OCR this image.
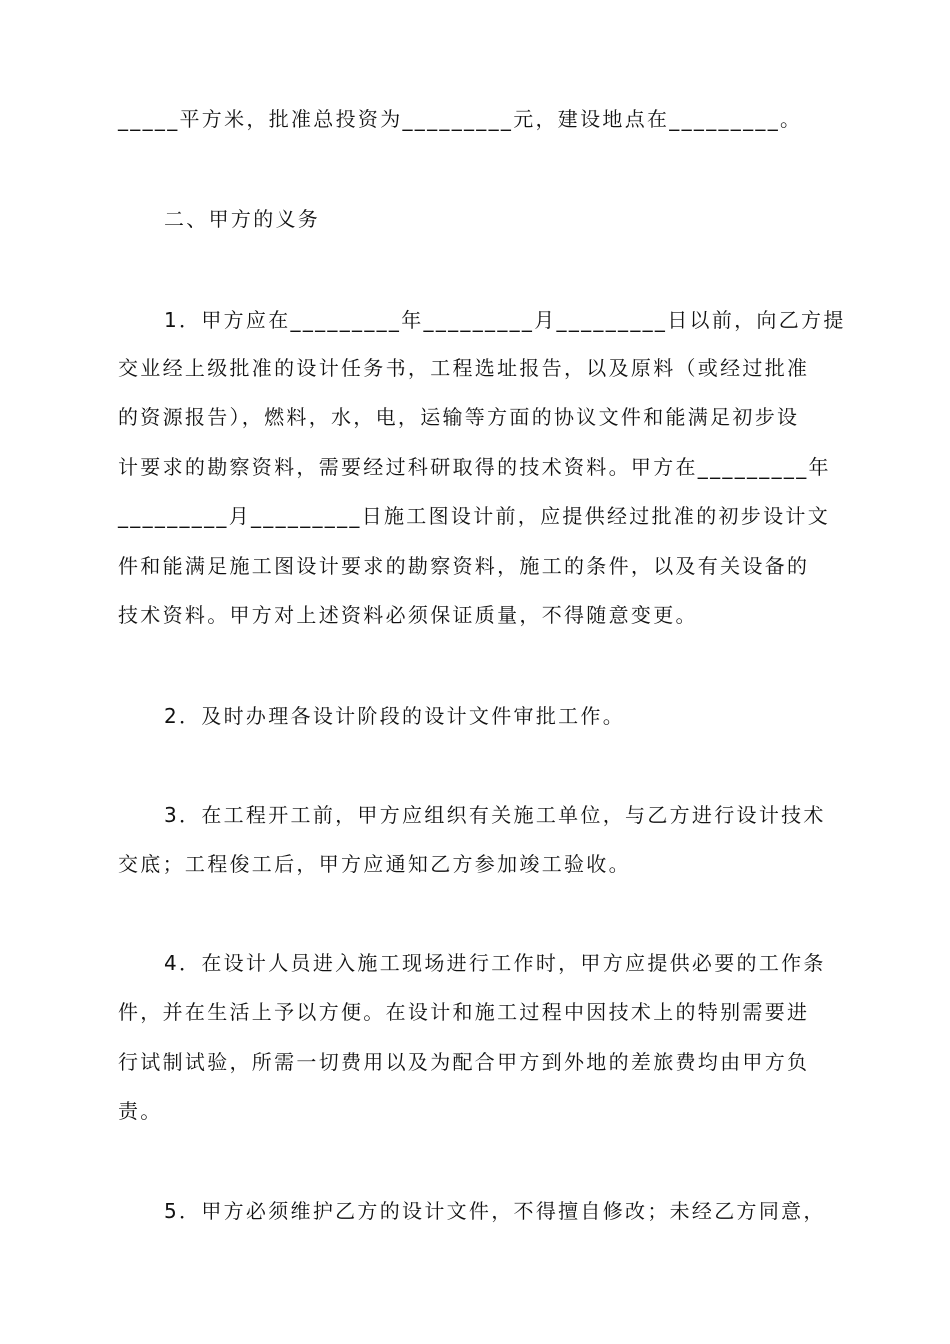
_____平方米，批准总投资为_________元，建设地点在_________。
二、甲方的义务
1．甲方应在_________年_________月_________日以前，向乙方提
交业经上级批准的设计任务书，工程选址报告，以及原料（或经过批准
的资源报告），燃料，水，电，运输等方面的协议文件和能满足初步设
计要求的勘察资料，需要经过科研取得的技术资料。甲方在_________年
_________月_________日施工图设计前，应提供经过批准的初步设计文
件和能满足施工图设计要求的勘察资料，施工的条件，以及有关设备的
技术资料。甲方对上述资料必须保证质量，不得随意变更。
2．及时办理各设计阶段的设计文件审批工作。
3．在工程开工前，甲方应组织有关施工单位，与乙方进行设计技术
交底；工程俊工后，甲方应通知乙方参加竣工验收。
4．在设计人员进入施工现场进行工作时，甲方应提供必要的工作条
件，并在生活上予以方便。在设计和施工过程中因技术上的特别需要进
行试制试验，所需一切费用以及为配合甲方到外地的差旅费均由甲方负
责。
5．甲方必须维护乙方的设计文件，不得擅自修改；未经乙方同意，
